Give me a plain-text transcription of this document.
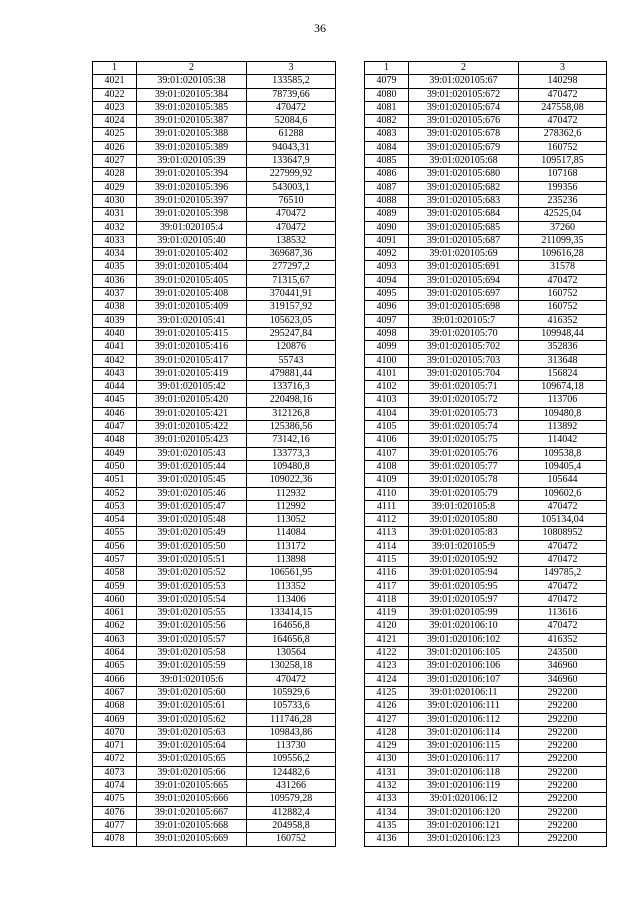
36
1	2	3
4021	39:01:020105:38	133585,2
4022	39:01:020105:384	78739,66
4023	39:01:020105:385	470472
4024	39:01:020105:387	52084,6
4025	39:01:020105:388	61288
4026	39:01:020105:389	94043,31
4027	39:01:020105:39	133647,9
4028	39:01:020105:394	227999,92
4029	39:01:020105:396	543003,1
4030	39:01:020105:397	76510
4031	39:01:020105:398	470472
4032	39:01:020105:4	470472
4033	39:01:020105:40	138532
4034	39:01:020105:402	369687,36
4035	39:01:020105:404	277297,2
4036	39:01:020105:405	71315,67
4037	39:01:020105:408	370441,91
4038	39:01:020105:409	319157,92
4039	39:01:020105:41	105623,05
4040	39:01:020105:415	295247,84
4041	39:01:020105:416	120876
4042	39:01:020105:417	55743
4043	39:01:020105:419	479881,44
4044	39:01:020105:42	133716,3
4045	39:01:020105:420	220498,16
4046	39:01:020105:421	312126,8
4047	39:01:020105:422	125386,56
4048	39:01:020105:423	73142,16
4049	39:01:020105:43	133773,3
4050	39:01:020105:44	109480,8
4051	39:01:020105:45	109022,36
4052	39:01:020105:46	112932
4053	39:01:020105:47	112992
4054	39:01:020105:48	113052
4055	39:01:020105:49	114084
4056	39:01:020105:50	113172
4057	39:01:020105:51	113898
4058	39:01:020105:52	106561,95
4059	39:01:020105:53	113352
4060	39:01:020105:54	113406
4061	39:01:020105:55	133414,15
4062	39:01:020105:56	164656,8
4063	39:01:020105:57	164656,8
4064	39:01:020105:58	130564
4065	39:01:020105:59	130258,18
4066	39:01:020105:6	470472
4067	39:01:020105:60	105929,6
4068	39:01:020105:61	105733,6
4069	39:01:020105:62	111746,28
4070	39:01:020105:63	109843,86
4071	39:01:020105:64	113730
4072	39:01:020105:65	109556,2
4073	39:01:020105:66	124482,6
4074	39:01:020105:665	431266
4075	39:01:020105:666	109579,28
4076	39:01:020105:667	412882,4
4077	39:01:020105:668	204958,8
4078	39:01:020105:669	160752
1	2	3
4079	39:01:020105:67	140298
4080	39:01:020105:672	470472
4081	39:01:020105:674	247558,08
4082	39:01:020105:676	470472
4083	39:01:020105:678	278362,6
4084	39:01:020105:679	160752
4085	39:01:020105:68	109517,85
4086	39:01:020105:680	107168
4087	39:01:020105:682	199356
4088	39:01:020105:683	235236
4089	39:01:020105:684	42525,04
4090	39:01:020105:685	37260
4091	39:01:020105:687	211099,35
4092	39:01:020105:69	109616,28
4093	39:01:020105:691	31578
4094	39:01:020105:694	470472
4095	39:01:020105:697	160752
4096	39:01:020105:698	160752
4097	39:01:020105:7	416352
4098	39:01:020105:70	109948,44
4099	39:01:020105:702	352836
4100	39:01:020105:703	313648
4101	39:01:020105:704	156824
4102	39:01:020105:71	109674,18
4103	39:01:020105:72	113706
4104	39:01:020105:73	109480,8
4105	39:01:020105:74	113892
4106	39:01:020105:75	114042
4107	39:01:020105:76	109538,8
4108	39:01:020105:77	109405,4
4109	39:01:020105:78	105644
4110	39:01:020105:79	109602,6
4111	39:01:020105:8	470472
4112	39:01:020105:80	105134,04
4113	39:01:020105:83	10808952
4114	39:01:020105:9	470472
4115	39:01:020105:92	470472
4116	39:01:020105:94	149785,2
4117	39:01:020105:95	470472
4118	39:01:020105:97	470472
4119	39:01:020105:99	113616
4120	39:01:020106:10	470472
4121	39:01:020106:102	416352
4122	39:01:020106:105	243500
4123	39:01:020106:106	346960
4124	39:01:020106:107	346960
4125	39:01:020106:11	292200
4126	39:01:020106:111	292200
4127	39:01:020106:112	292200
4128	39:01:020106:114	292200
4129	39:01:020106:115	292200
4130	39:01:020106:117	292200
4131	39:01:020106:118	292200
4132	39:01:020106:119	292200
4133	39:01:020106:12	292200
4134	39:01:020106:120	292200
4135	39:01:020106:121	292200
4136	39:01:020106:123	292200
